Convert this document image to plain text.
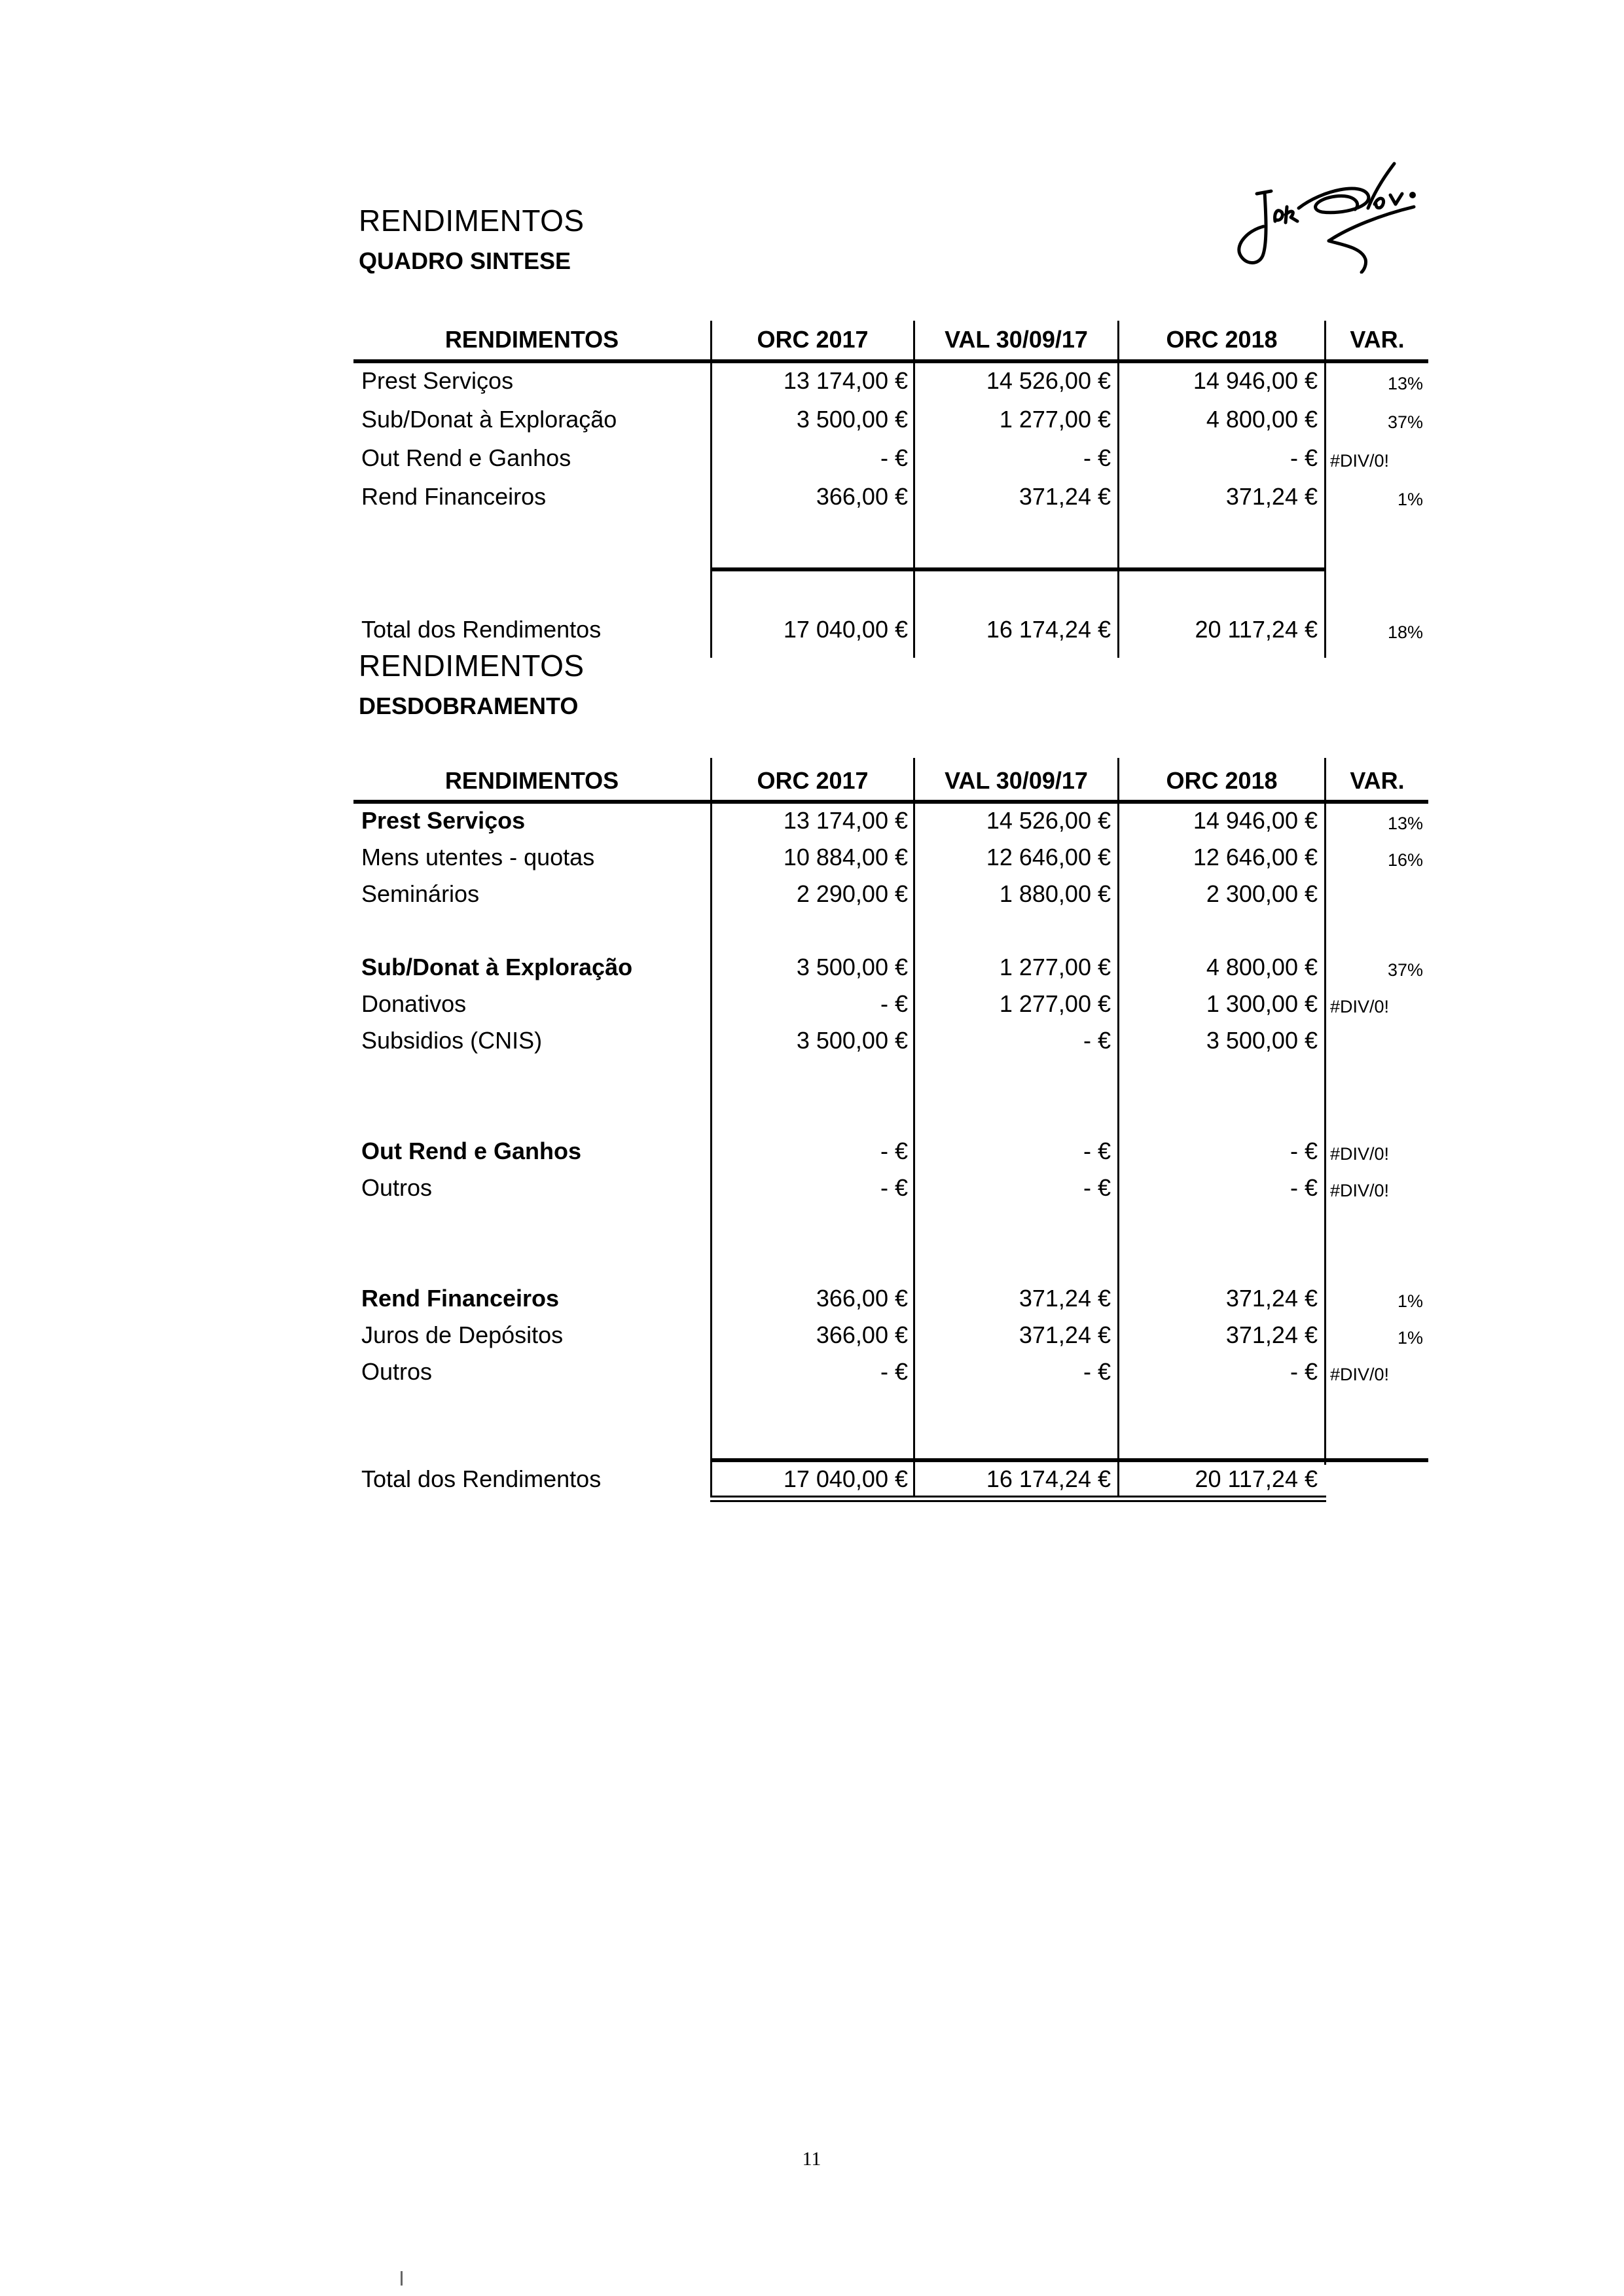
RENDIMENTOS
QUADRO SINTESE
RENDIMENTOS	ORC 2017	VAL 30/09/17	ORC 2018	VAR.
Prest Serviços	13 174,00 €	14 526,00 €	14 946,00 €	13%
Sub/Donat à Exploração	3 500,00 €	1 277,00 €	4 800,00 €	37%
Out Rend e Ganhos	- €	- €	- € #DIV/0!
Rend Financeiros	366,00 €	371,24 €	371,24 €	1%
Total dos Rendimentos	17 040,00 €	16 174,24 €	20 117,24 €	18%
RENDIMENTOS
DESDOBRAMENTO
RENDIMENTOS	ORC 2017	VAL 30/09/17	ORC 2018	VAR.
Prest Serviços	13 174,00 €	14 526,00 €	14 946,00 €	13%
Mens utentes - quotas	10 884,00 €	12 646,00 €	12 646,00 €	16%
Seminários	2 290,00 €	1 880,00 €	2 300,00 €
Sub/Donat à Exploração	3 500,00 €	1 277,00 €	4 800,00 €	37%
Donativos	- €	1 277,00 €	1 300,00 € #DIV/0!
Subsidios (CNIS)	3 500,00 €	- €	3 500,00 €
Out Rend e Ganhos	- €	- €	- € #DIV/0!
Outros	- €	- €	- € #DIV/0!
Rend Financeiros	366,00 €	371,24 €	371,24 €	1%
Juros de Depósitos	366,00 €	371,24 €	371,24 €	1%
Outros	- €	- €	- € #DIV/0!
Total dos Rendimentos	17 040,00 €	16 174,24 €	20 117,24 €
11
